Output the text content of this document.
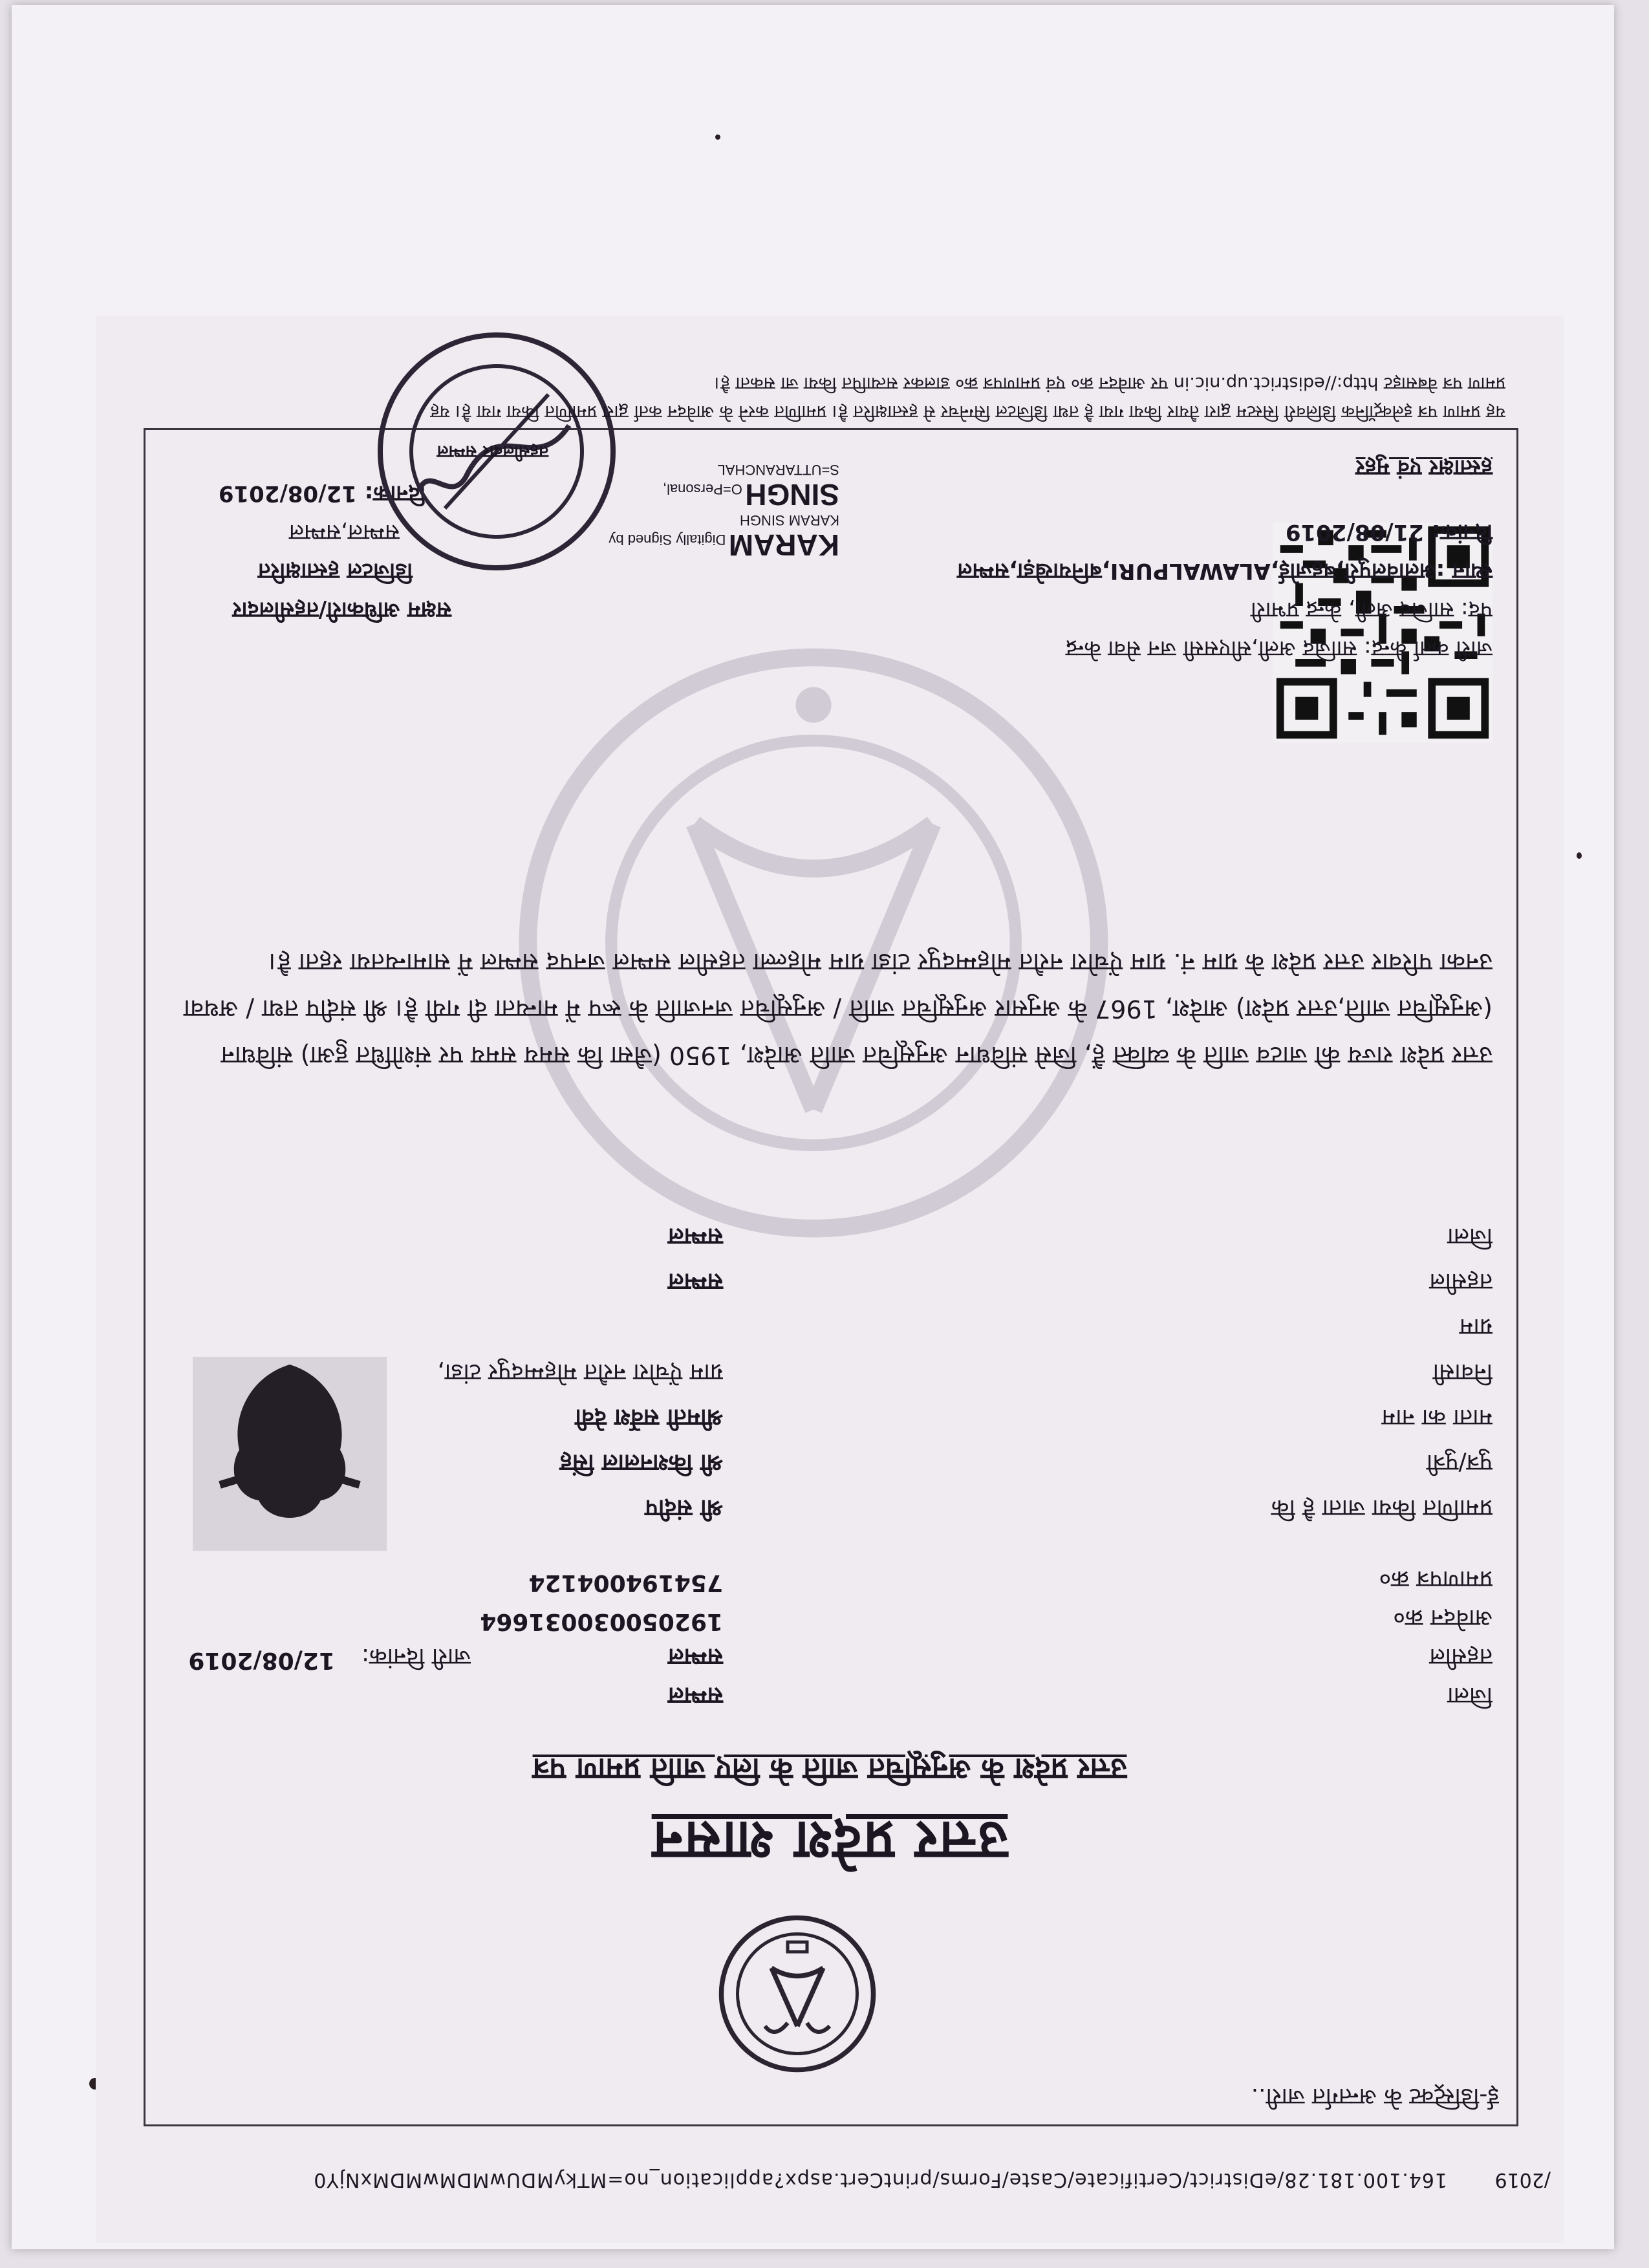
/2019
164.100.181.28/eDistrict/Certificate/Caste/Forms/printCert.aspx?application_no=MTkyMDUwMDMwMDMxNjY0
ई-डिस्ट्रिक्ट के अन्तर्गत जारी..
उत्तर प्रदेश शासन
उत्तर प्रदेश के अनुसूचित जाति के लिए जाति प्रमाण पत्र
जिला
सम्भल
तहसील
सम्भल
जारी दिनांक:
12/08/2019
आवेदन क्र०
192050030031664
प्रमाणपत्र क्र०
754194004124
प्रमाणित किया जाता है कि
श्री संदीप
पुत्र/पुत्री
श्री किशनलाल सिंह
माता का नाम
श्रीमती सर्वेश देवी
निवासी
ग्राम ऐंचोरा नरौत मोहम्मदपुर टांडा,
ग्राम
तहसील
सम्भल
जिला
सम्भल
उत्तर प्रदेश राज्य की जाटव जाति के व्यक्ति हैं, जिसे संविधान अनुसूचित जाति आदेश, 1950 (जैसा कि समय समय पर संशोधित हुआ) संविधान (अनुसूचित जाति,उत्तर प्रदेश) आदेश, 1967 के अनुसार अनुसूचित जाति / अनुसूचित जनजाति के रूप में मान्यता दी गयी है। श्री संदीप तथा / अथवा उनका परिवार उत्तर प्रदेश के ग्राम नं. ग्राम ऐंचोरा नरौत मोहम्मदपुर टांडा ग्राम मोहल्ला तहसील सम्भल जनपद सम्भल में सामान्यतया रहता है।
जारी कर्ता केन्द्र: साजिद अली,सीएससी जन सेवा केन्द्र
पद: साजिद अली, केन्द्र प्रभारी
स्थान :अलावलपुरी,बहजोई,ALAWALPURI,बनियाखेड़ा,सम्भल
दिनांक: 21/08/2019
हस्ताक्षर एवं मुहर
KARAM Digitally Signed by
KARAM SINGH
SINGH O=Personal,
S=UTTARANCHAL
सक्षम अधिकारी/तहसीलदार
डिजिटल हस्ताक्षरित
सम्भल,सम्भल
दिनांक: 12/08/2019
तहसीलदार सम्भल
यह प्रमाण पत्र इलेक्ट्रॉनिक डिलिवरी सिस्टम द्वारा तैयार किया गया है तथा डिजिटल सिग्नेचर से हस्ताक्षरित है। प्रमाणित करने के आवेदन कर्ता द्वारा प्रमाणित किया गया है। यह
प्रमाण पत्र वेबसाइट http://edistrict.up.nic.in पर आवेदन क्र० एवं प्रमाणपत्र क्र० डालकर सत्यापित किया जा सकता है।
